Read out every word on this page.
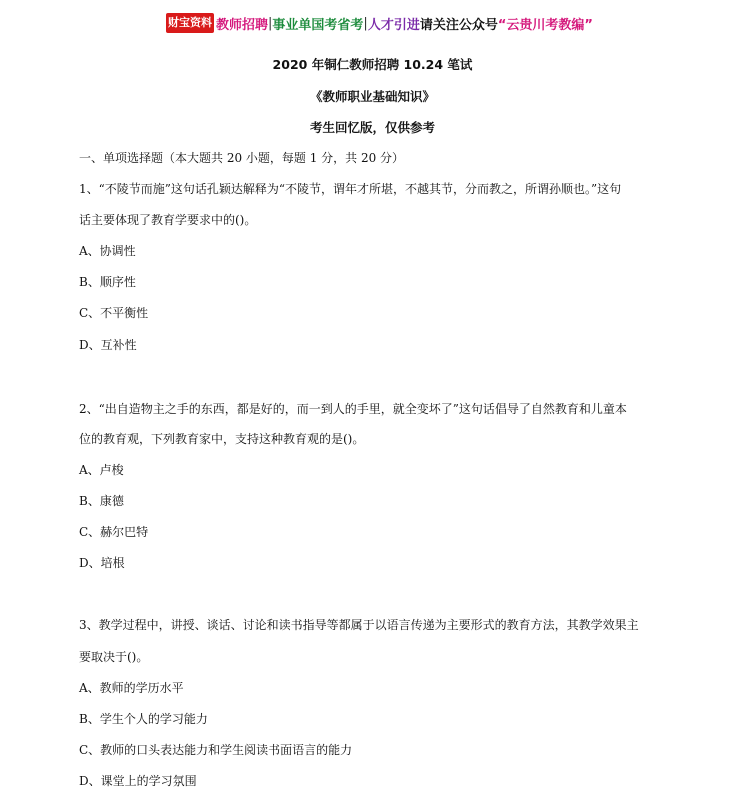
财宝资料 教师招聘 | 事业单国考省考 | 人才引进 请关注公众号 “云贵川考教编”
2020 年铜仁教师招聘 10.24 笔试
《教师职业基础知识》
考生回忆版，仅供参考
一、单项选择题（本大题共 20 小题，每题 1 分，共 20 分）
1、“不陵节而施”这句话孔颖达解释为“不陵节，谓年才所堪，不越其节，分而教之，所谓孙顺也。”这句
话主要体现了教育学要求中的()。
A、协调性
B、顺序性
C、不平衡性
D、互补性
2、“出自造物主之手的东西，都是好的，而一到人的手里，就全变坏了”这句话倡导了自然教育和儿童本
位的教育观，下列教育家中，支持这种教育观的是()。
A、卢梭
B、康德
C、赫尔巴特
D、培根
3、教学过程中，讲授、谈话、讨论和读书指导等都属于以语言传递为主要形式的教育方法，其教学效果主
要取决于()。
A、教师的学历水平
B、学生个人的学习能力
C、教师的口头表达能力和学生阅读书面语言的能力
D、课堂上的学习氛围
